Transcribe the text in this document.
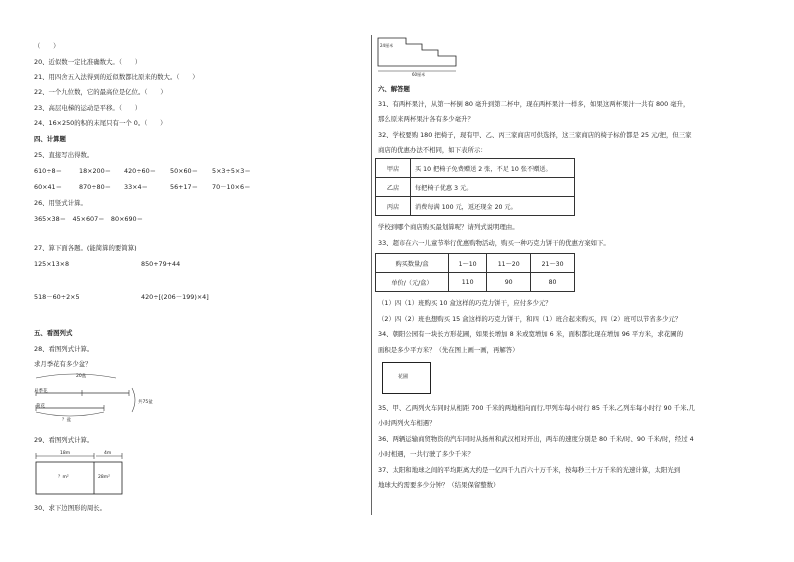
（　　）
20、近似数一定比准确数大。（　　）
21、用四舍五入法得到的近似数都比原来的数大。（　　）
22、一个九位数，它的最高位是亿位。（　　）
23、高层电梯的运动是平移。（　　）
24、16×250的积的末尾只有一个 0。（　　）
四、计算题
25、直接写出得数。
610÷8＝	18×200＝ 420÷60＝ 50×60＝ 5×3÷5×3＝
60×41＝	870÷80＝ 33×4＝	56+17＝ 70－10×6＝
26、用竖式计算。
365×38＝　45×607＝　80×690＝
27、算下面各题。(能简算的要简算)
125×13×8	850+79+44
518－60÷2×5	420÷[(206－199)×4]
五、看图列式
28、看图列式计算。
求月季花有多少盆？
月季花
菊花
20盆
共75盆
？盆
29、看图列式计算。
18m	4m
？m²	28m²
30、求下边图形的周长。
24厘米
60厘米
六、解答题
31、有两杯果汁，从第一杯倒 80 毫升到第二杯中，现在两杯果汁一样多，如果这两杯果汁一共有 800 毫升，
那么原来两杯果汁各有多少毫升？
32、学校要购 180 把椅子，现有甲、乙、丙三家商店可供选择，这三家商店的椅子标价都是 25 元/把，但三家
商店的优惠办法不相同，如下表所示：
甲店	买 10 把椅子免费赠送 2 张，不足 10 张不赠送。
乙店	每把椅子优惠 3 元。
丙店	消费每满 100 元，返还现金 20 元。
学校到哪个商店购买最划算呢？请列式说明理由。
33、超市在六一儿童节举行优惠购物活动，购买一种巧克力饼干的优惠方案如下。
购买数量/盒	1～10	11～20	21～30
单价/（元/盒）	110	90	80
（1）四（1）班购买 10 盒这样的巧克力饼干，应付多少元？
（2）四（2）班也想购买 15 盒这样的巧克力饼干，和四（1）班合起来购买，四（2）班可以节省多少元？
34、朝阳公园有一块长方形花圃，如果长增加 8 米或宽增加 6 米，面积都比现在增加 96 平方米，求花圃的
面积是多少平方米？（先在图上画一画，再解答）
花圃
35、甲、乙两列火车同时从相距 700 千米的两地相向而行,甲列车每小时行 85 千米,乙列车每小时行 90 千米,几
小时两列火车相遇？
36、两辆运输商贸物资的汽车同时从扬州和武汉相对开出，两车的速度分别是 80 千米/时、90 千米/时，经过 4
小时相遇，一共行驶了多少千米？
37、太阳和地球之间的平均距离大约是一亿四千九百六十万千米，按每秒三十万千米的光速计算，太阳光到
地球大约需要多少分钟？（结果保留整数）
